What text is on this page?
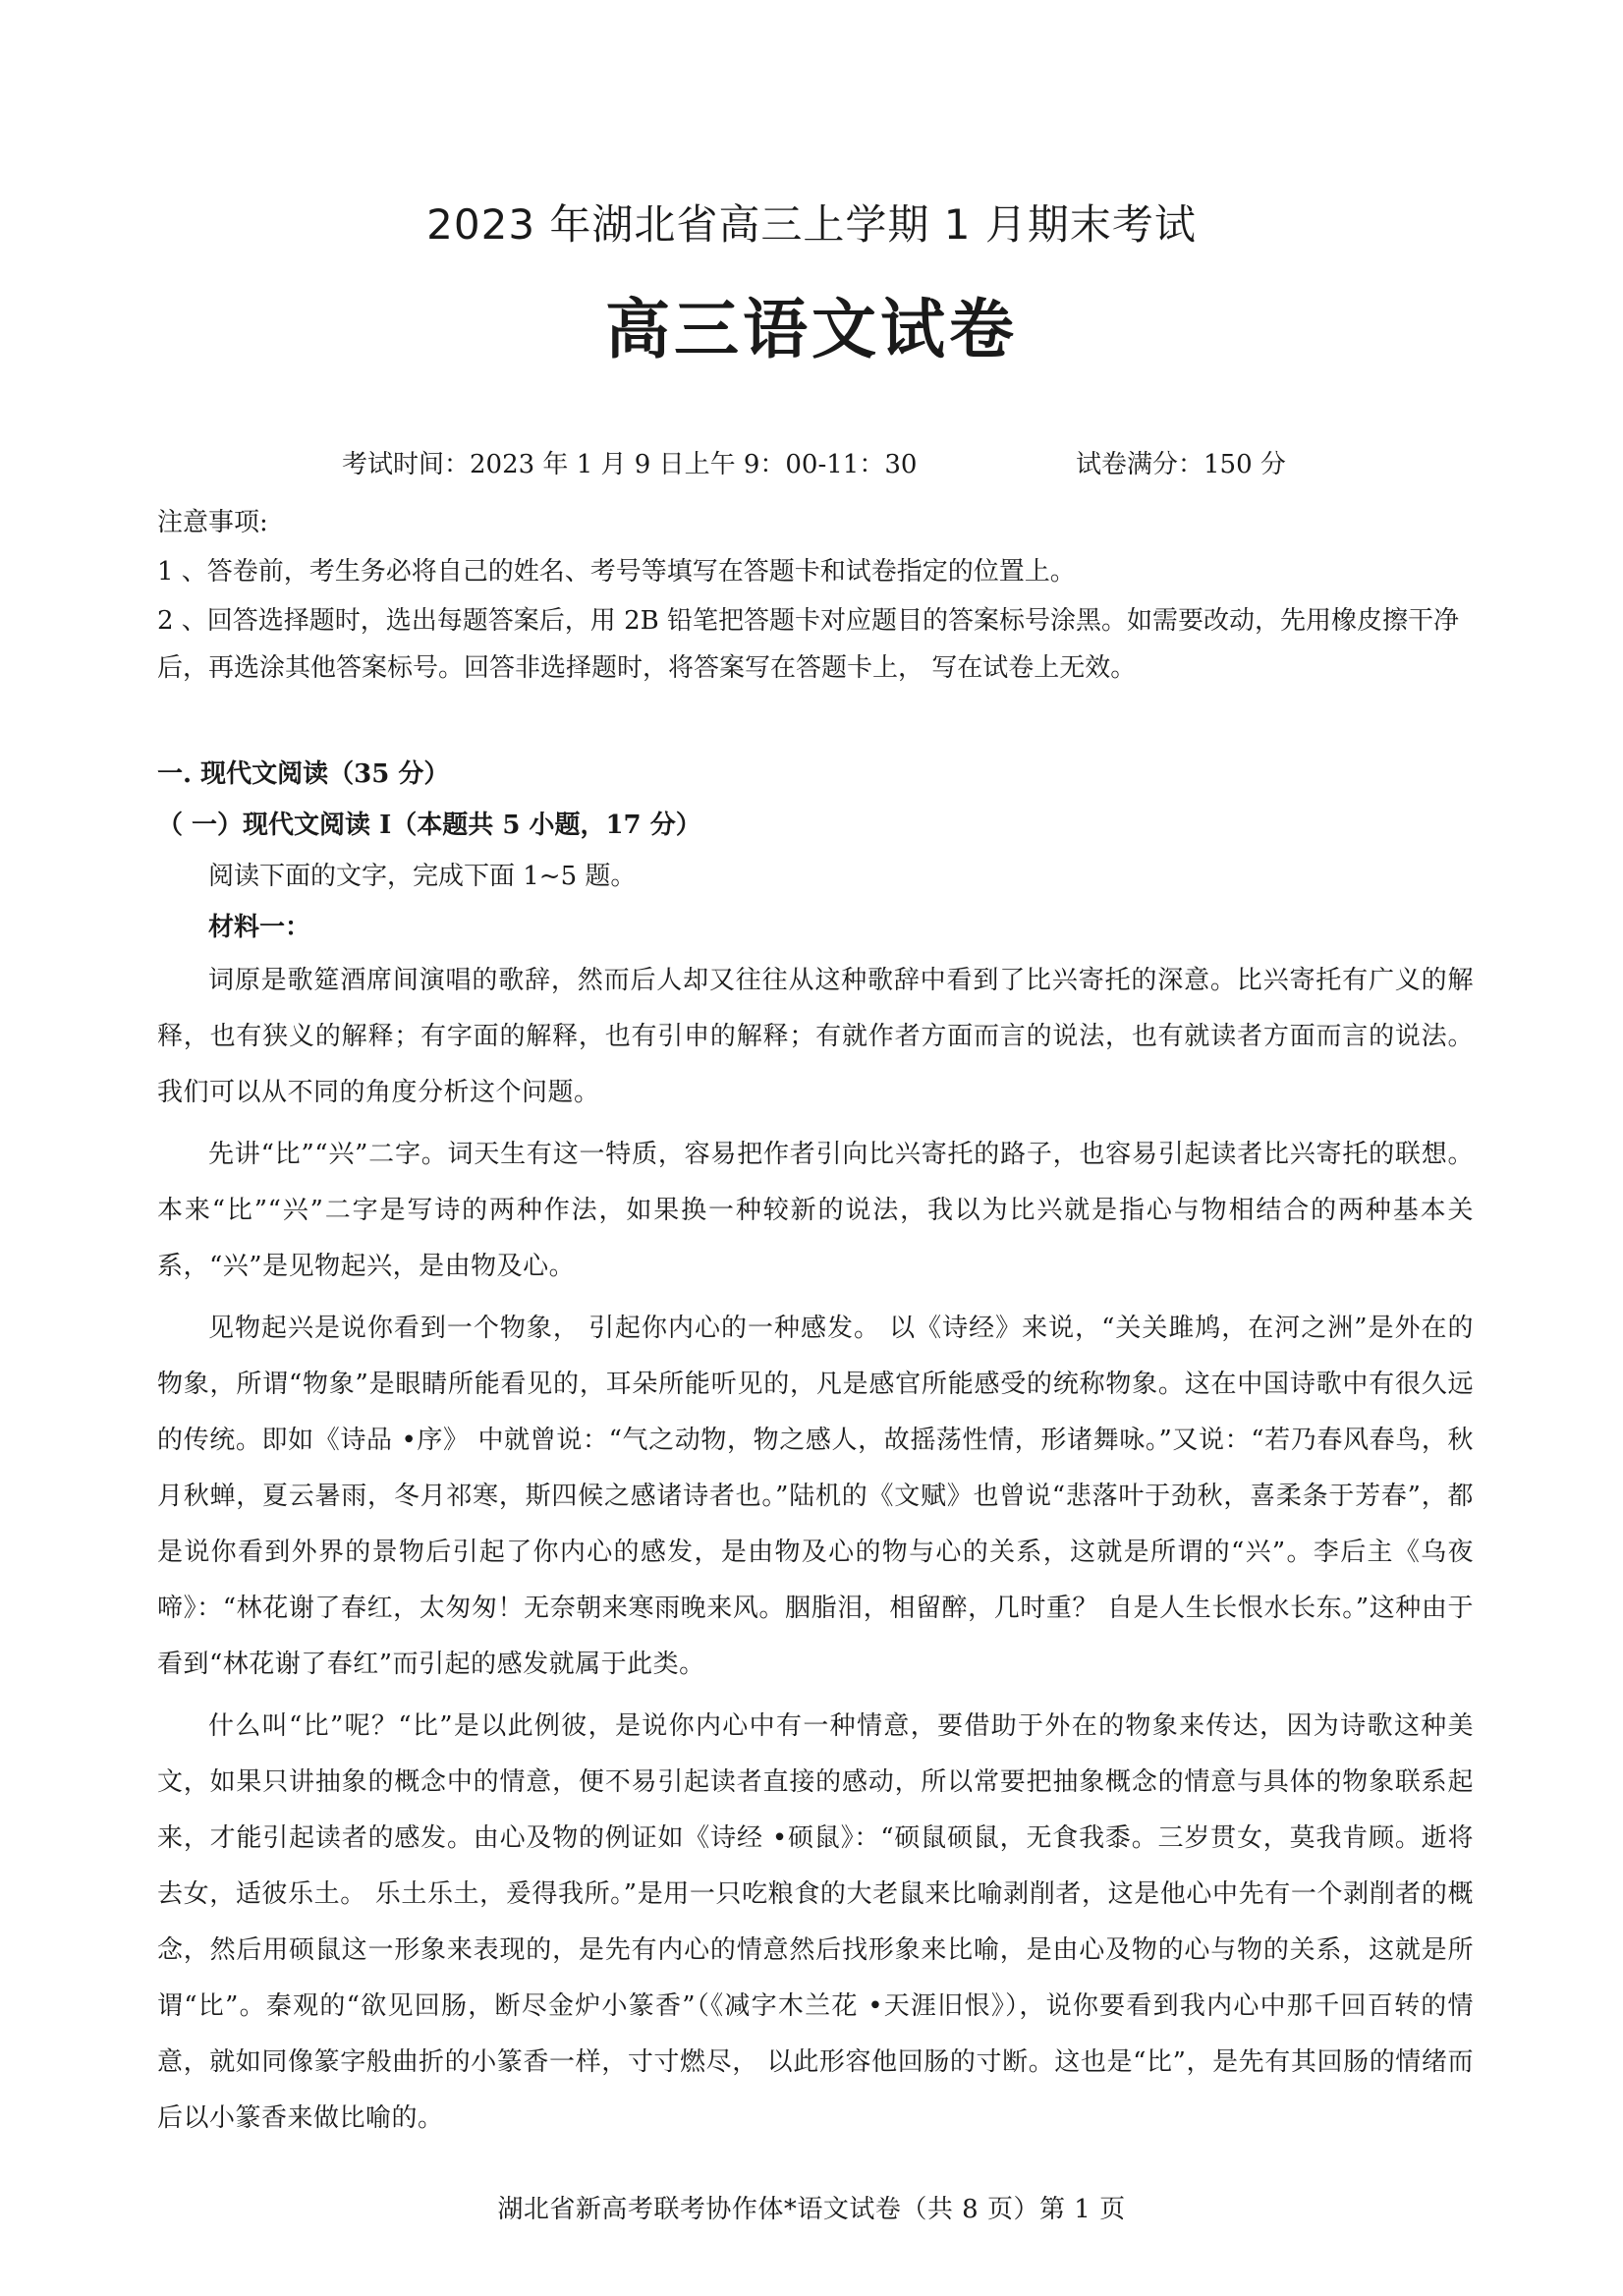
2023 年湖北省高三上学期 1 月期末考试
高三语文试卷
考试时间：2023 年 1 月 9 日上午 9：00-11：30	试卷满分：150 分

注意事项:

1 、答卷前，考生务必将自己的姓名、考号等填写在答题卡和试卷指定的位置上。

2 、回答选择题时，选出每题答案后，用 2B 铅笔把答题卡对应题目的答案标号涂黑。如需要改动，先用橡皮擦干净后，再选涂其他答案标号。回答非选择题时，将答案写在答题卡上， 写在试卷上无效。

一. 现代文阅读（35 分）

（ 一）现代文阅读 Ⅰ（本题共 5 小题，17 分）

阅读下面的文字，完成下面 1~5 题。

材料一：

词原是歌筵酒席间演唱的歌辞，然而后人却又往往从这种歌辞中看到了比兴寄托的深意。比兴寄托有广义的解释，也有狭义的解释；有字面的解释，也有引申的解释；有就作者方面而言的说法，也有就读者方面而言的说法。我们可以从不同的角度分析这个问题。

先讲“比”“兴”二字。词天生有这一特质，容易把作者引向比兴寄托的路子，也容易引起读者比兴寄托的联想。本来“比”“兴”二字是写诗的两种作法，如果换一种较新的说法，我以为比兴就是指心与物相结合的两种基本关系，“兴”是见物起兴，是由物及心。

见物起兴是说你看到一个物象， 引起你内心的一种感发。 以《诗经》来说，“关关雎鸠，在河之洲”是外在的物象，所谓“物象”是眼睛所能看见的，耳朵所能听见的，凡是感官所能感受的统称物象。这在中国诗歌中有很久远的传统。即如《诗品 •序》 中就曾说：“气之动物，物之感人，故摇荡性情，形诸舞咏。”又说：“若乃春风春鸟，秋月秋蝉，夏云暑雨，冬月祁寒，斯四候之感诸诗者也。”陆机的《文赋》也曾说“悲落叶于劲秋，喜柔条于芳春”，都是说你看到外界的景物后引起了你内心的感发，是由物及心的物与心的关系，这就是所谓的“兴”。李后主《乌夜啼》：“林花谢了春红，太匆匆！无奈朝来寒雨晚来风。胭脂泪，相留醉，几时重？ 自是人生长恨水长东。”这种由于看到“林花谢了春红”而引起的感发就属于此类。

什么叫“比”呢？“比”是以此例彼，是说你内心中有一种情意，要借助于外在的物象来传达，因为诗歌这种美文，如果只讲抽象的概念中的情意，便不易引起读者直接的感动，所以常要把抽象概念的情意与具体的物象联系起来，才能引起读者的感发。由心及物的例证如《诗经 •硕鼠》：“硕鼠硕鼠，无食我黍。三岁贯女，莫我肯顾。逝将去女，适彼乐土。 乐土乐土，爰得我所。”是用一只吃粮食的大老鼠来比喻剥削者，这是他心中先有一个剥削者的概念，然后用硕鼠这一形象来表现的，是先有内心的情意然后找形象来比喻，是由心及物的心与物的关系，这就是所谓“比”。秦观的“欲见回肠，断尽金炉小篆香”（《减字木兰花 •天涯旧恨》），说你要看到我内心中那千回百转的情意，就如同像篆字般曲折的小篆香一样，寸寸燃尽， 以此形容他回肠的寸断。这也是“比”，是先有其回肠的情绪而后以小篆香来做比喻的。

湖北省新高考联考协作体*语文试卷（共 8 页）第 1 页
